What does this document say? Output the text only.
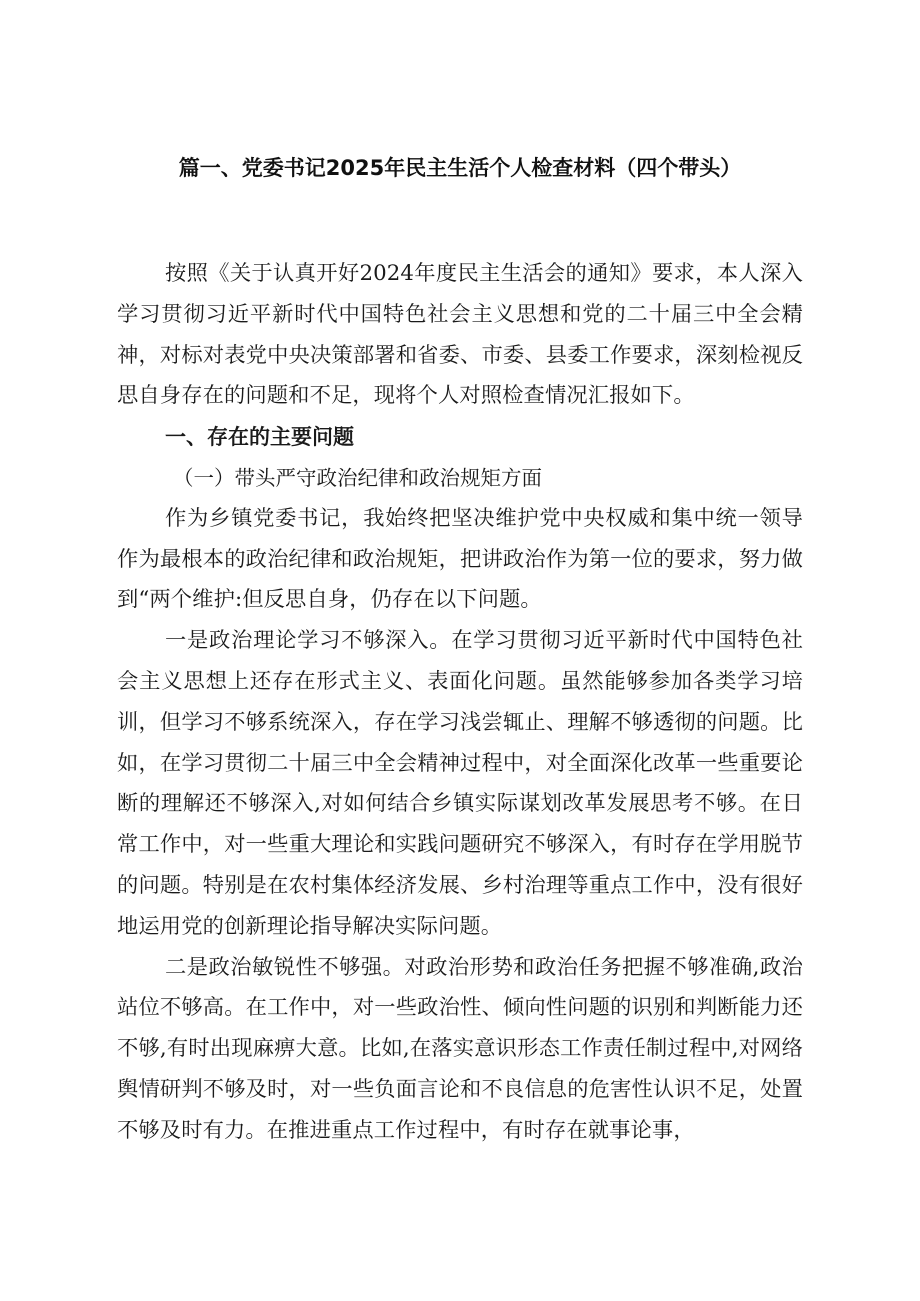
篇一、党委书记2025年民主生活个人检查材料（四个带头）

按照《关于认真开好2024年度民主生活会的通知》要求，本人深入学习贯彻习近平新时代中国特色社会主义思想和党的二十届三中全会精神，对标对表党中央决策部署和省委、市委、县委工作要求，深刻检视反思自身存在的问题和不足，现将个人对照检查情况汇报如下。

一、存在的主要问题

（一）带头严守政治纪律和政治规矩方面

作为乡镇党委书记，我始终把坚决维护党中央权威和集中统一领导作为最根本的政治纪律和政治规矩，把讲政治作为第一位的要求，努力做到“两个维护:但反思自身，仍存在以下问题。

一是政治理论学习不够深入。在学习贯彻习近平新时代中国特色社会主义思想上还存在形式主义、表面化问题。虽然能够参加各类学习培训，但学习不够系统深入，存在学习浅尝辄止、理解不够透彻的问题。比如，在学习贯彻二十届三中全会精神过程中，对全面深化改革一些重要论断的理解还不够深入,对如何结合乡镇实际谋划改革发展思考不够。在日常工作中，对一些重大理论和实践问题研究不够深入，有时存在学用脱节的问题。特别是在农村集体经济发展、乡村治理等重点工作中，没有很好地运用党的创新理论指导解决实际问题。

二是政治敏锐性不够强。对政治形势和政治任务把握不够准确,政治站位不够高。在工作中，对一些政治性、倾向性问题的识别和判断能力还不够,有时出现麻痹大意。比如,在落实意识形态工作责任制过程中,对网络舆情研判不够及时，对一些负面言论和不良信息的危害性认识不足，处置不够及时有力。在推进重点工作过程中，有时存在就事论事，
